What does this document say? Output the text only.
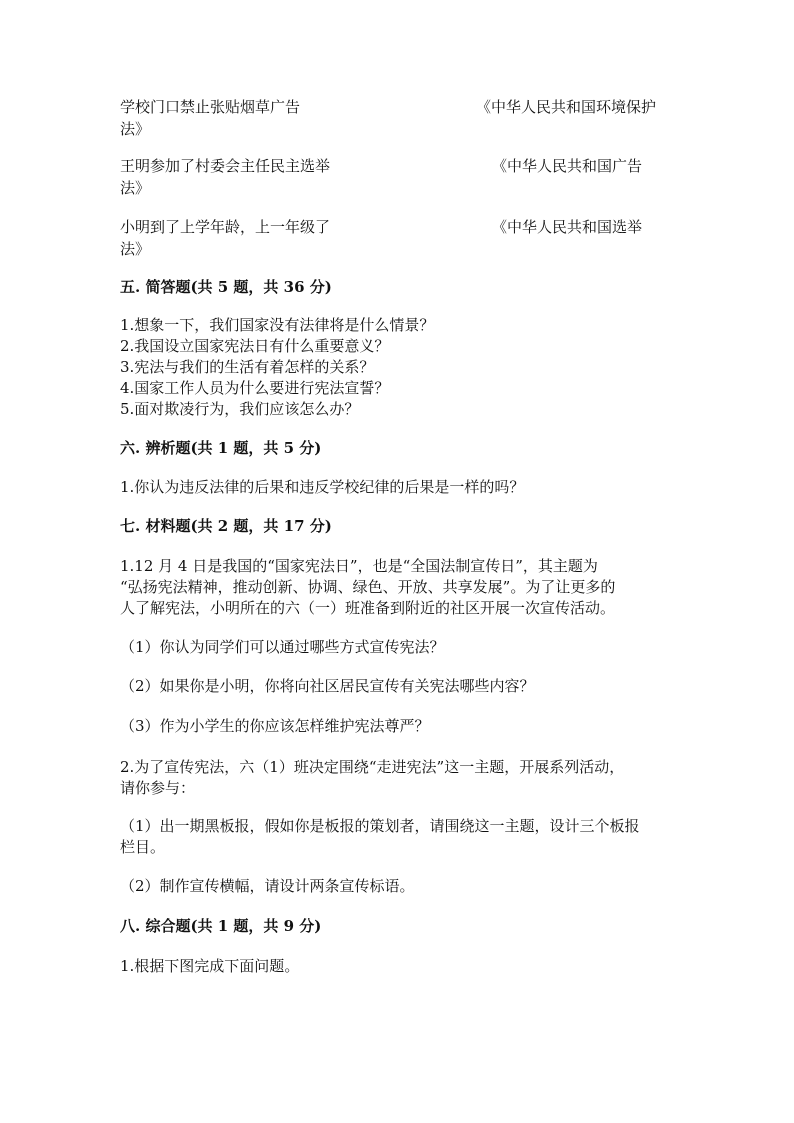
学校门口禁止张贴烟草广告	《中华人民共和国环境保护
法》
王明参加了村委会主任民主选举	《中华人民共和国广告
法》
小明到了上学年龄，上一年级了	《中华人民共和国选举
法》
五. 简答题(共 5 题，共 36 分)
1.想象一下，我们国家没有法律将是什么情景？
2.我国设立国家宪法日有什么重要意义？
3.宪法与我们的生活有着怎样的关系？
4.国家工作人员为什么要进行宪法宣誓？
5.面对欺凌行为，我们应该怎么办？
六. 辨析题(共 1 题，共 5 分)
1.你认为违反法律的后果和违反学校纪律的后果是一样的吗？
七. 材料题(共 2 题，共 17 分)
1.12 月 4 日是我国的“国家宪法日”，也是“全国法制宣传日”，其主题为
“弘扬宪法精神，推动创新、协调、绿色、开放、共享发展”。为了让更多的
人了解宪法，小明所在的六（一）班准备到附近的社区开展一次宣传活动。
（1）你认为同学们可以通过哪些方式宣传宪法？
（2）如果你是小明，你将向社区居民宣传有关宪法哪些内容？
（3）作为小学生的你应该怎样维护宪法尊严？
2.为了宣传宪法，六（1）班决定围绕“走进宪法”这一主题，开展系列活动，
请你参与：
（1）出一期黑板报，假如你是板报的策划者，请围绕这一主题，设计三个板报
栏目。
（2）制作宣传横幅，请设计两条宣传标语。
八. 综合题(共 1 题，共 9 分)
1.根据下图完成下面问题。
